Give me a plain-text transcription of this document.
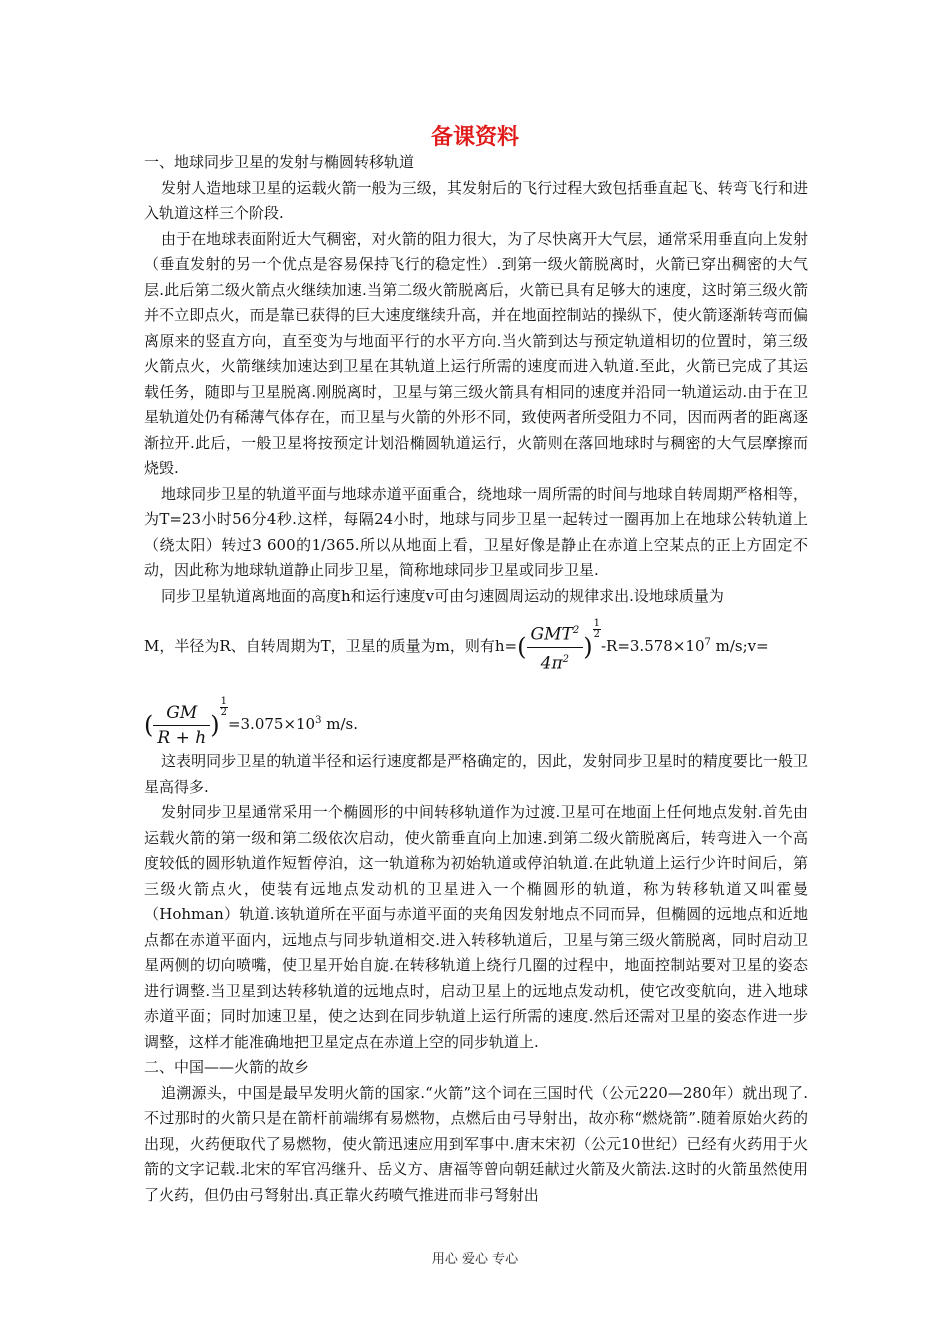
备课资料

一、地球同步卫星的发射与椭圆转移轨道

发射人造地球卫星的运载火箭一般为三级，其发射后的飞行过程大致包括垂直起飞、转弯飞行和进入轨道这样三个阶段.

由于在地球表面附近大气稠密，对火箭的阻力很大，为了尽快离开大气层，通常采用垂直向上发射（垂直发射的另一个优点是容易保持飞行的稳定性）.到第一级火箭脱离时，火箭已穿出稠密的大气层.此后第二级火箭点火继续加速.当第二级火箭脱离后，火箭已具有足够大的速度，这时第三级火箭并不立即点火，而是靠已获得的巨大速度继续升高，并在地面控制站的操纵下，使火箭逐渐转弯而偏离原来的竖直方向，直至变为与地面平行的水平方向.当火箭到达与预定轨道相切的位置时，第三级火箭点火，火箭继续加速达到卫星在其轨道上运行所需的速度而进入轨道.至此，火箭已完成了其运载任务，随即与卫星脱离.刚脱离时，卫星与第三级火箭具有相同的速度并沿同一轨道运动.由于在卫星轨道处仍有稀薄气体存在，而卫星与火箭的外形不同，致使两者所受阻力不同，因而两者的距离逐渐拉开.此后，一般卫星将按预定计划沿椭圆轨道运行，火箭则在落回地球时与稠密的大气层摩擦而烧毁.

地球同步卫星的轨道平面与地球赤道平面重合，绕地球一周所需的时间与地球自转周期严格相等，为T=23小时56分4秒.这样，每隔24小时，地球与同步卫星一起转过一圈再加上在地球公转轨道上（绕太阳）转过3 600的1/365.所以从地面上看，卫星好像是静止在赤道上空某点的正上方固定不动，因此称为地球轨道静止同步卫星，简称地球同步卫星或同步卫星.

同步卫星轨道离地面的高度h和运行速度v可由匀速圆周运动的规律求出.设地球质量为

M，半径为R、自转周期为T，卫星的质量为m，则有$h=( \frac{GMT^2}{4\pi^2}$ )
$\frac{1}{2}$
$-R=3.578\times 10^7$ m/s;v=
( $\frac{GM}{R + h}$ )
$\frac{1}{2}$
$=3.075\times 10^3$ m/s.

这表明同步卫星的轨道半径和运行速度都是严格确定的，因此，发射同步卫星时的精度要比一般卫星高得多.

发射同步卫星通常采用一个椭圆形的中间转移轨道作为过渡.卫星可在地面上任何地点发射.首先由运载火箭的第一级和第二级依次启动，使火箭垂直向上加速.到第二级火箭脱离后，转弯进入一个高度较低的圆形轨道作短暂停泊，这一轨道称为初始轨道或停泊轨道.在此轨道上运行少许时间后，第三级火箭点火，使装有远地点发动机的卫星进入一个椭圆形的轨道，称为转移轨道又叫霍曼（Hohman）轨道.该轨道所在平面与赤道平面的夹角因发射地点不同而异，但椭圆的远地点和近地点都在赤道平面内，远地点与同步轨道相交.进入转移轨道后，卫星与第三级火箭脱离，同时启动卫星两侧的切向喷嘴，使卫星开始自旋.在转移轨道上绕行几圈的过程中，地面控制站要对卫星的姿态进行调整.当卫星到达转移轨道的远地点时，启动卫星上的远地点发动机，使它改变航向，进入地球赤道平面；同时加速卫星，使之达到在同步轨道上运行所需的速度.然后还需对卫星的姿态作进一步调整，这样才能准确地把卫星定点在赤道上空的同步轨道上.

二、中国——火箭的故乡

追溯源头，中国是最早发明火箭的国家.“火箭”这个词在三国时代（公元220—280年）就出现了.不过那时的火箭只是在箭杆前端绑有易燃物，点燃后由弓导射出，故亦称“燃烧箭”.随着原始火药的出现，火药便取代了易燃物，使火箭迅速应用到军事中.唐末宋初（公元10世纪）已经有火药用于火箭的文字记载.北宋的军官冯继升、岳义方、唐福等曾向朝廷献过火箭及火箭法.这时的火箭虽然使用了火药，但仍由弓弩射出.真正靠火药喷气推进而非弓弩射出

用心 爱心 专心
